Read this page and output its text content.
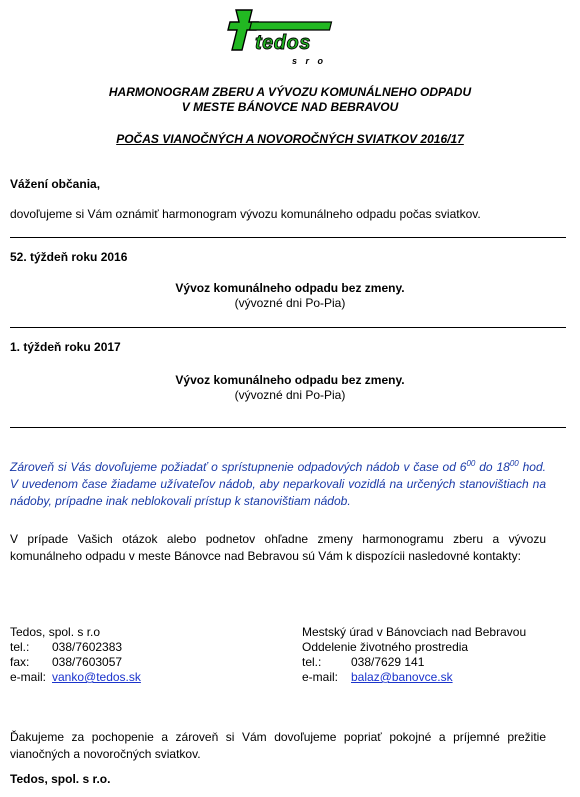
tedos
s r o
HARMONOGRAM ZBERU A VÝVOZU KOMUNÁLNEHO ODPADU
V MESTE BÁNOVCE NAD BEBRAVOU
POČAS VIANOČNÝCH A NOVOROČNÝCH SVIATKOV 2016/17
Vážení občania,
dovoľujeme si Vám oznámiť harmonogram vývozu komunálneho odpadu počas sviatkov.
52. týždeň roku 2016
Vývoz komunálneho odpadu bez zmeny.
(vývozné dni Po-Pia)
1. týždeň roku 2017
Vývoz komunálneho odpadu bez zmeny.
(vývozné dni Po-Pia)
Zároveň si Vás dovoľujeme požiadať o sprístupnenie odpadových nádob v čase od $6^{00}$ do $18^{00}$ hod. V uvedenom čase žiadame užívateľov nádob, aby neparkovali vozidlá na určených stanovištiach na nádoby, prípadne inak neblokovali prístup k stanovištiam nádob.
V prípade Vašich otázok alebo podnetov ohľadne zmeny harmonogramu zberu a vývozu komunálneho odpadu v meste Bánovce nad Bebravou sú Vám k dispozícii nasledovné kontakty:
Tedos, spol. s r.o
tel.: 038/7602383
fax: 038/7603057
e-mail: vanko@tedos.sk
Mestský úrad v Bánovciach nad Bebravou
Oddelenie životného prostredia
tel.: 038/7629 141
e-mail: balaz@banovce.sk
Ďakujeme za pochopenie a zároveň si Vám dovoľujeme popriať pokojné a príjemné prežitie vianočných a novoročných sviatkov.
Tedos, spol. s r.o.
